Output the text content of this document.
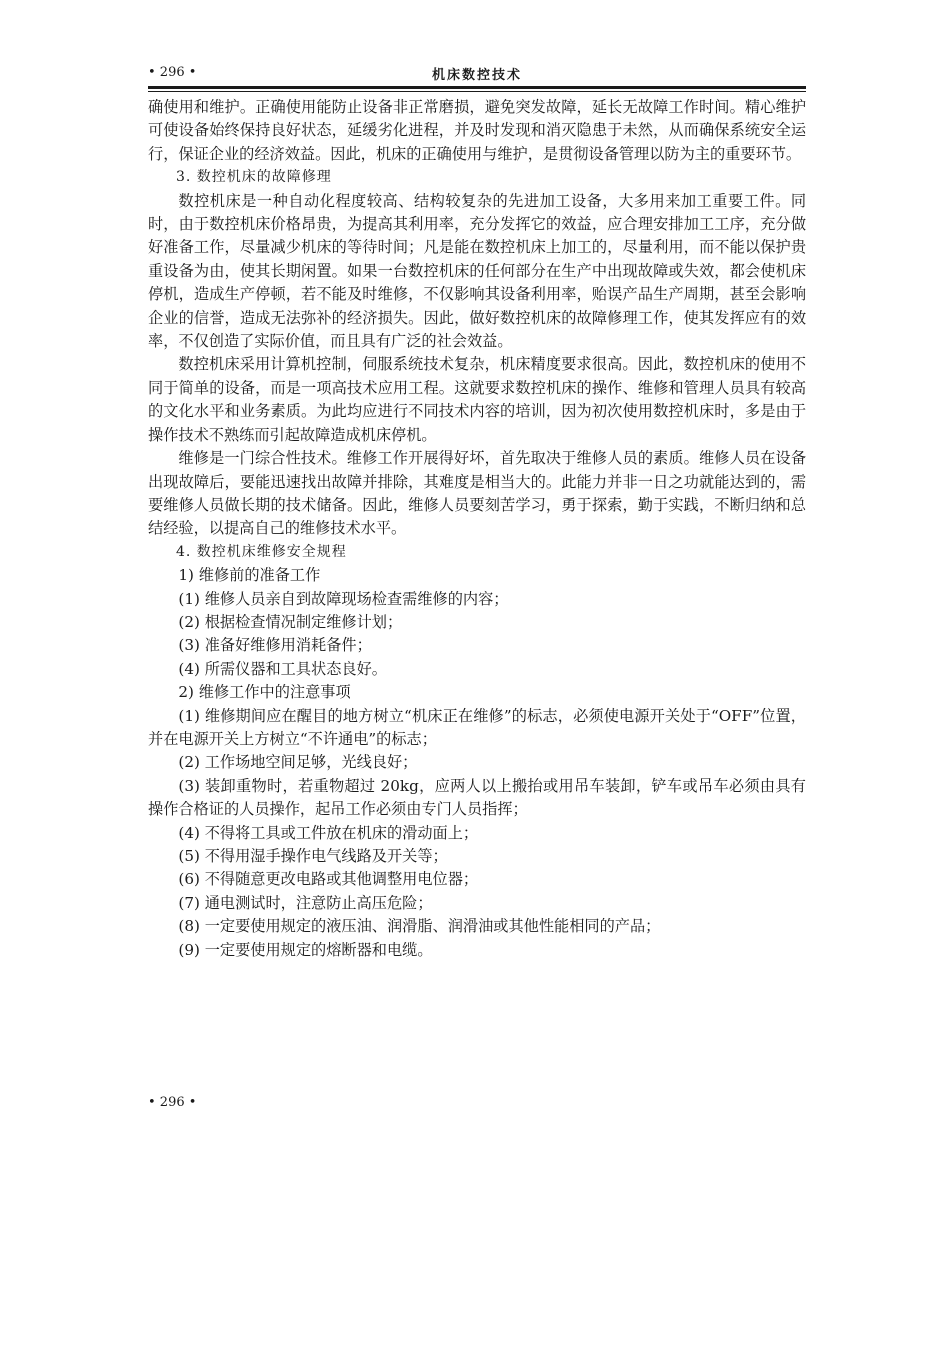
• 296 •	机床数控技术

确使用和维护。正确使用能防止设备非正常磨损，避免突发故障，延长无故障工作时间。精心维护可使设备始终保持良好状态，延缓劣化进程，并及时发现和消灭隐患于未然，从而确保系统安全运行，保证企业的经济效益。因此，机床的正确使用与维护，是贯彻设备管理以防为主的重要环节。

3. 数控机床的故障修理

数控机床是一种自动化程度较高、结构较复杂的先进加工设备，大多用来加工重要工件。同时，由于数控机床价格昂贵，为提高其利用率，充分发挥它的效益，应合理安排加工工序，充分做好准备工作，尽量减少机床的等待时间；凡是能在数控机床上加工的，尽量利用，而不能以保护贵重设备为由，使其长期闲置。如果一台数控机床的任何部分在生产中出现故障或失效，都会使机床停机，造成生产停顿，若不能及时维修，不仅影响其设备利用率，贻误产品生产周期，甚至会影响企业的信誉，造成无法弥补的经济损失。因此，做好数控机床的故障修理工作，使其发挥应有的效率，不仅创造了实际价值，而且具有广泛的社会效益。

数控机床采用计算机控制，伺服系统技术复杂，机床精度要求很高。因此，数控机床的使用不同于简单的设备，而是一项高技术应用工程。这就要求数控机床的操作、维修和管理人员具有较高的文化水平和业务素质。为此均应进行不同技术内容的培训，因为初次使用数控机床时，多是由于操作技术不熟练而引起故障造成机床停机。

维修是一门综合性技术。维修工作开展得好坏，首先取决于维修人员的素质。维修人员在设备出现故障后，要能迅速找出故障并排除，其难度是相当大的。此能力并非一日之功就能达到的，需要维修人员做长期的技术储备。因此，维修人员要刻苦学习，勇于探索，勤于实践，不断归纳和总结经验，以提高自己的维修技术水平。

4. 数控机床维修安全规程

1) 维修前的准备工作

(1) 维修人员亲自到故障现场检查需维修的内容；

(2) 根据检查情况制定维修计划；

(3) 准备好维修用消耗备件；

(4) 所需仪器和工具状态良好。

2) 维修工作中的注意事项

(1) 维修期间应在醒目的地方树立“机床正在维修”的标志，必须使电源开关处于“OFF”位置，并在电源开关上方树立“不许通电”的标志；

(2) 工作场地空间足够，光线良好；

(3) 装卸重物时，若重物超过 20kg，应两人以上搬抬或用吊车装卸，铲车或吊车必须由具有操作合格证的人员操作，起吊工作必须由专门人员指挥；

(4) 不得将工具或工件放在机床的滑动面上；

(5) 不得用湿手操作电气线路及开关等；

(6) 不得随意更改电路或其他调整用电位器；

(7) 通电测试时，注意防止高压危险；

(8) 一定要使用规定的液压油、润滑脂、润滑油或其他性能相同的产品；

(9) 一定要使用规定的熔断器和电缆。

• 296 •
